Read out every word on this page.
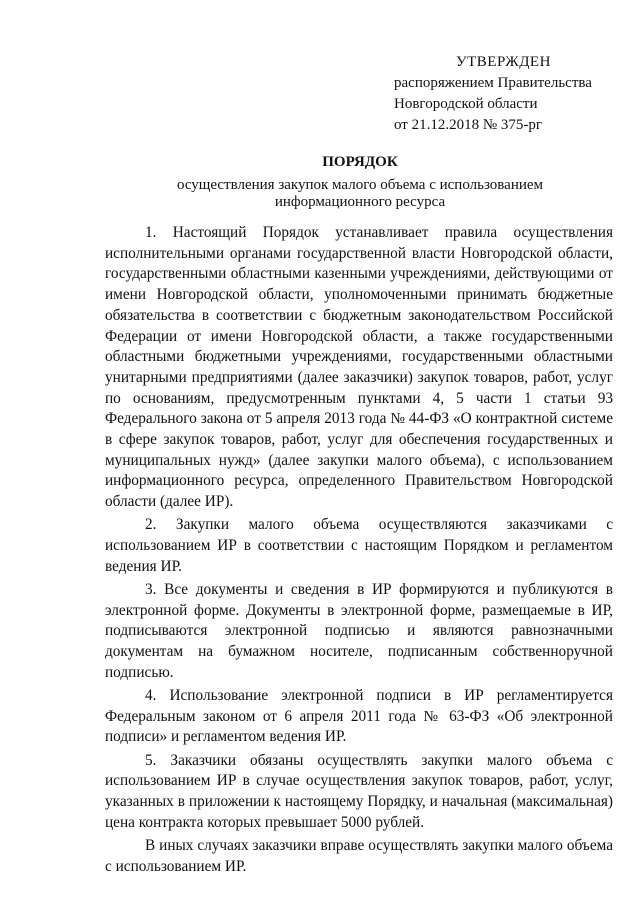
УТВЕРЖДЕН
распоряжением Правительства
Новгородской области
от 21.12.2018 № 375-рг
ПОРЯДОК
осуществления закупок малого объема с использованием информационного ресурса

1. Настоящий Порядок устанавливает правила осуществления исполнительными органами государственной власти Новгородской области, государственными областными казенными учреждениями, действующими от имени Новгородской области, уполномоченными принимать бюджетные обязательства в соответствии с бюджетным законодательством Российской Федерации от имени Новгородской области, а также государственными областными бюджетными учреждениями, государственными областными унитарными предприятиями (далее заказчики) закупок товаров, работ, услуг по основаниям, предусмотренным пунктами 4, 5 части 1 статьи 93 Федерального закона от 5 апреля 2013 года № 44-ФЗ «О контрактной системе в сфере закупок товаров, работ, услуг для обеспечения государственных и муниципальных нужд» (далее закупки малого объема), с использованием информационного ресурса, определенного Правительством Новгородской области (далее ИР).

2. Закупки малого объема осуществляются заказчиками с использованием ИР в соответствии с настоящим Порядком и регламентом ведения ИР.

3. Все документы и сведения в ИР формируются и публикуются в электронной форме. Документы в электронной форме, размещаемые в ИР, подписываются электронной подписью и являются равнозначными документам на бумажном носителе, подписанным собственноручной подписью.

4. Использование электронной подписи в ИР регламентируется Федеральным законом от 6 апреля 2011 года № 63-ФЗ «Об электронной подписи» и регламентом ведения ИР.

5. Заказчики обязаны осуществлять закупки малого объема с использованием ИР в случае осуществления закупок товаров, работ, услуг, указанных в приложении к настоящему Порядку, и начальная (максимальная) цена контракта которых превышает 5000 рублей.

В иных случаях заказчики вправе осуществлять закупки малого объема с использованием ИР.
